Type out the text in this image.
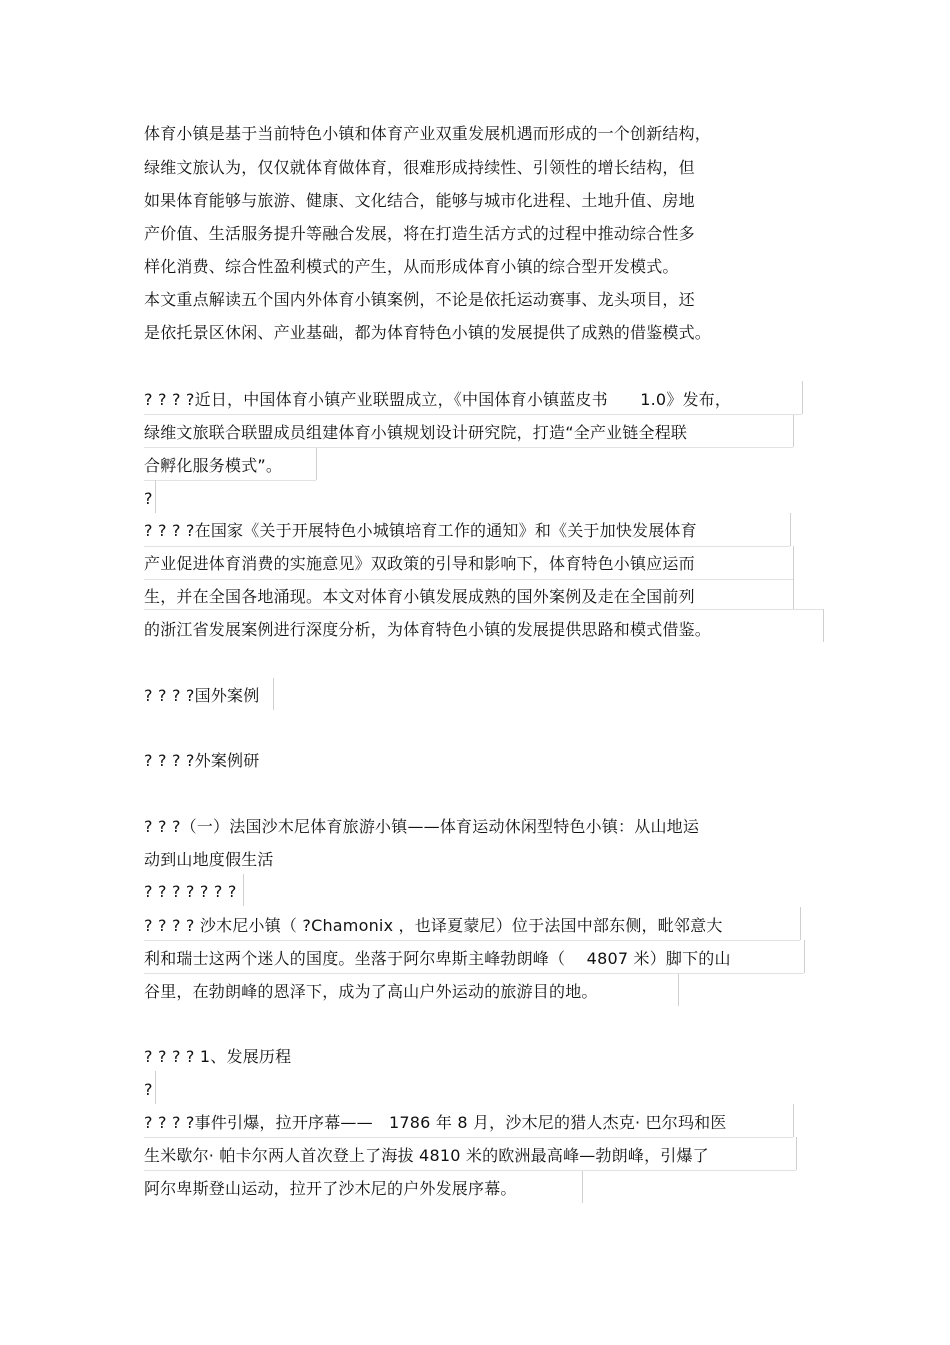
体育小镇是基于当前特色小镇和体育产业双重发展机遇而形成的一个创新结构，
绿维文旅认为，仅仅就体育做体育，很难形成持续性、引领性的增长结构，但
如果体育能够与旅游、健康、文化结合，能够与城市化进程、土地升值、房地
产价值、生活服务提升等融合发展，将在打造生活方式的过程中推动综合性多
样化消费、综合性盈利模式的产生，从而形成体育小镇的综合型开发模式。
本文重点解读五个国内外体育小镇案例，不论是依托运动赛事、龙头项目，还
是依托景区休闲、产业基础，都为体育特色小镇的发展提供了成熟的借鉴模式。
? ? ? ?近日，中国体育小镇产业联盟成立，《中国体育小镇蓝皮书　　1.0》发布，
绿维文旅联合联盟成员组建体育小镇规划设计研究院，打造“全产业链全程联
合孵化服务模式”。
?
? ? ? ?在国家《关于开展特色小城镇培育工作的通知》和《关于加快发展体育
产业促进体育消费的实施意见》双政策的引导和影响下，体育特色小镇应运而
生，并在全国各地涌现。本文对体育小镇发展成熟的国外案例及走在全国前列
的浙江省发展案例进行深度分析，为体育特色小镇的发展提供思路和模式借鉴。
? ? ? ?国外案例
? ? ? ?外案例研
? ? ?（一）法国沙木尼体育旅游小镇——体育运动休闲型特色小镇：从山地运
动到山地度假生活
? ? ? ? ? ? ?
? ? ? ? 沙木尼小镇（ ?Chamonix ，也译夏蒙尼）位于法国中部东侧，毗邻意大
利和瑞士这两个迷人的国度。坐落于阿尔卑斯主峰勃朗峰（　 4807 米）脚下的山
谷里，在勃朗峰的恩泽下，成为了高山户外运动的旅游目的地。
? ? ? ? 1、发展历程
?
? ? ? ?事件引爆，拉开序幕——　1786 年 8 月，沙木尼的猎人杰克· 巴尔玛和医
生米歇尔· 帕卡尔两人首次登上了海拔 4810 米的欧洲最高峰—勃朗峰，引爆了
阿尔卑斯登山运动，拉开了沙木尼的户外发展序幕。
